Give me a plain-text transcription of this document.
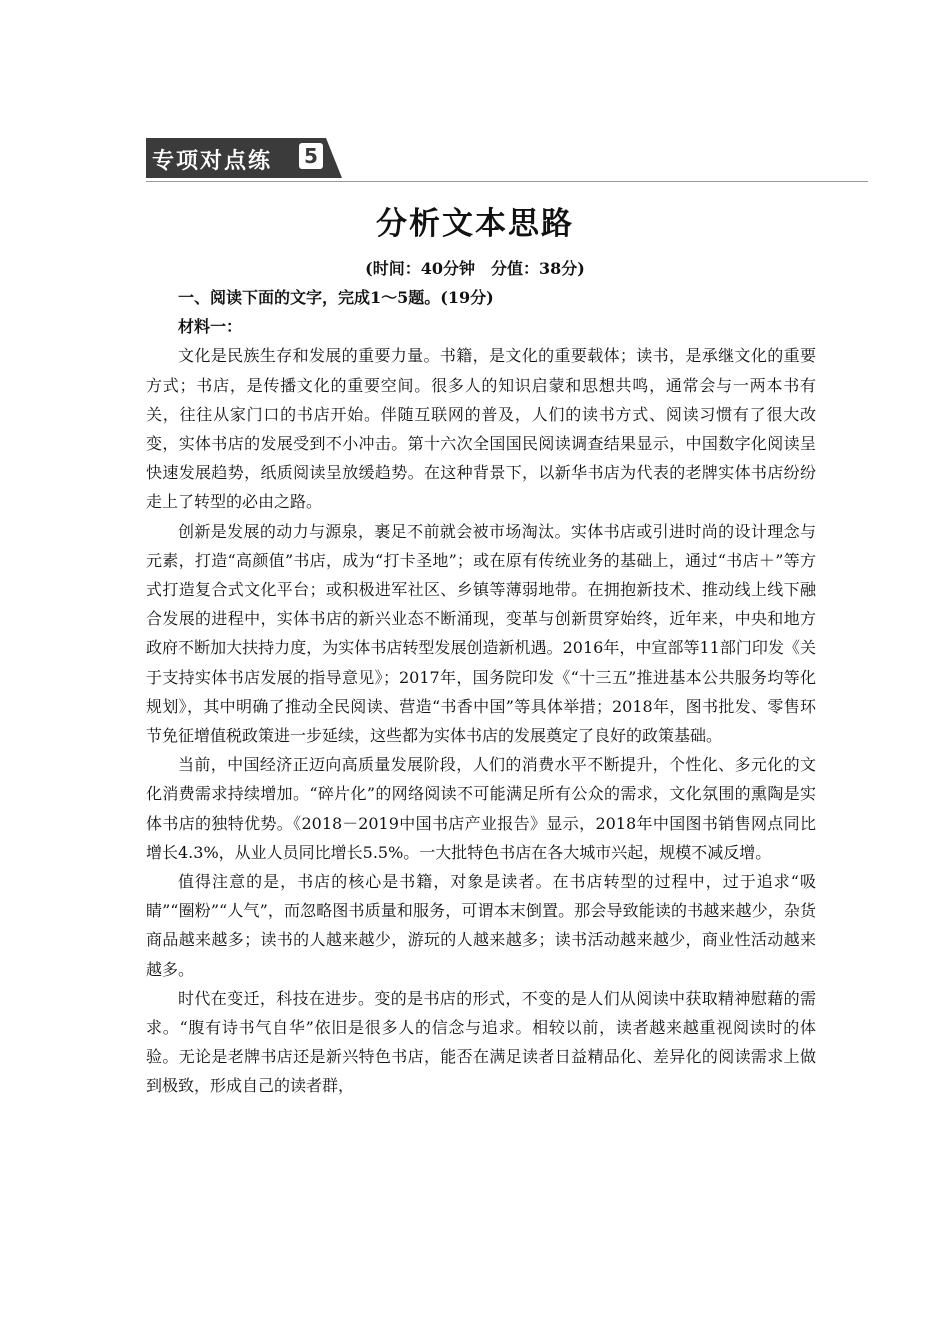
专项对点练 5
分析文本思路
(时间：40分钟　分值：38分)

一、阅读下面的文字，完成1～5题。(19分)

材料一：

文化是民族生存和发展的重要力量。书籍，是文化的重要载体；读书，是承继文化的重要方式；书店，是传播文化的重要空间。很多人的知识启蒙和思想共鸣，通常会与一两本书有关，往往从家门口的书店开始。伴随互联网的普及，人们的读书方式、阅读习惯有了很大改变，实体书店的发展受到不小冲击。第十六次全国国民阅读调查结果显示，中国数字化阅读呈快速发展趋势，纸质阅读呈放缓趋势。在这种背景下，以新华书店为代表的老牌实体书店纷纷走上了转型的必由之路。

创新是发展的动力与源泉，裹足不前就会被市场淘汰。实体书店或引进时尚的设计理念与元素，打造“高颜值”书店，成为“打卡圣地”；或在原有传统业务的基础上，通过“书店＋”等方式打造复合式文化平台；或积极进军社区、乡镇等薄弱地带。在拥抱新技术、推动线上线下融合发展的进程中，实体书店的新兴业态不断涌现，变革与创新贯穿始终，近年来，中央和地方政府不断加大扶持力度，为实体书店转型发展创造新机遇。2016年，中宣部等11部门印发《关于支持实体书店发展的指导意见》；2017年，国务院印发《“十三五”推进基本公共服务均等化规划》，其中明确了推动全民阅读、营造“书香中国”等具体举措；2018年，图书批发、零售环节免征增值税政策进一步延续，这些都为实体书店的发展奠定了良好的政策基础。

当前，中国经济正迈向高质量发展阶段，人们的消费水平不断提升，个性化、多元化的文化消费需求持续增加。“碎片化”的网络阅读不可能满足所有公众的需求，文化氛围的熏陶是实体书店的独特优势。《2018－2019中国书店产业报告》显示，2018年中国图书销售网点同比增长4.3%，从业人员同比增长5.5%。一大批特色书店在各大城市兴起，规模不减反增。

值得注意的是，书店的核心是书籍，对象是读者。在书店转型的过程中，过于追求“吸睛”“圈粉”“人气”，而忽略图书质量和服务，可谓本末倒置。那会导致能读的书越来越少，杂货商品越来越多；读书的人越来越少，游玩的人越来越多；读书活动越来越少，商业性活动越来越多。

时代在变迁，科技在进步。变的是书店的形式，不变的是人们从阅读中获取精神慰藉的需求。“腹有诗书气自华”依旧是很多人的信念与追求。相较以前，读者越来越重视阅读时的体验。无论是老牌书店还是新兴特色书店，能否在满足读者日益精品化、差异化的阅读需求上做到极致，形成自己的读者群，
